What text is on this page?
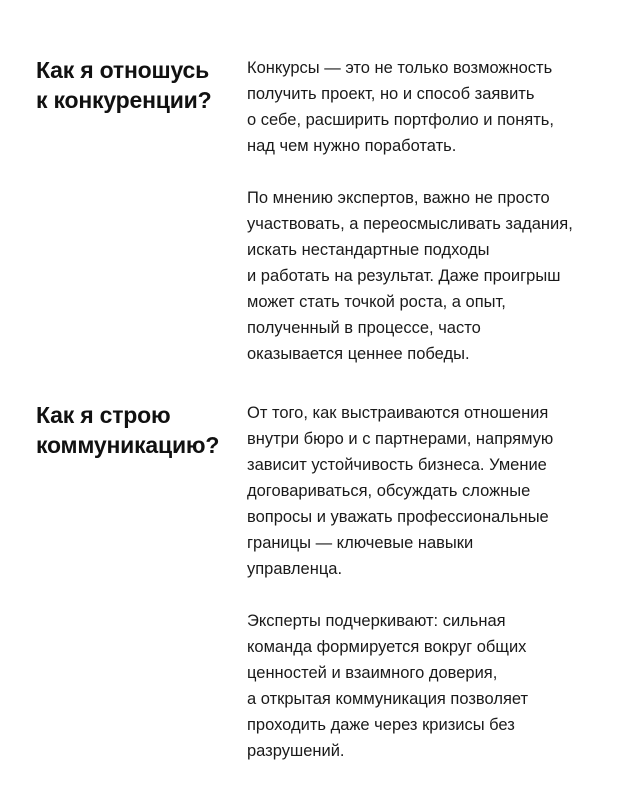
Как я отношусь
к конкуренции?

Конкурсы — это не только возможность
получить проект, но и способ заявить
о себе, расширить портфолио и понять,
над чем нужно поработать.

По мнению экспертов, важно не просто
участвовать, а переосмысливать задания,
искать нестандартные подходы
и работать на результат. Даже проигрыш
может стать точкой роста, а опыт,
полученный в процессе, часто
оказывается ценнее победы.

Как я строю
коммуникацию?

От того, как выстраиваются отношения
внутри бюро и с партнерами, напрямую
зависит устойчивость бизнеса. Умение
договариваться, обсуждать сложные
вопросы и уважать профессиональные
границы — ключевые навыки
управленца.

Эксперты подчеркивают: сильная
команда формируется вокруг общих
ценностей и взаимного доверия,
а открытая коммуникация позволяет
проходить даже через кризисы без
разрушений.
